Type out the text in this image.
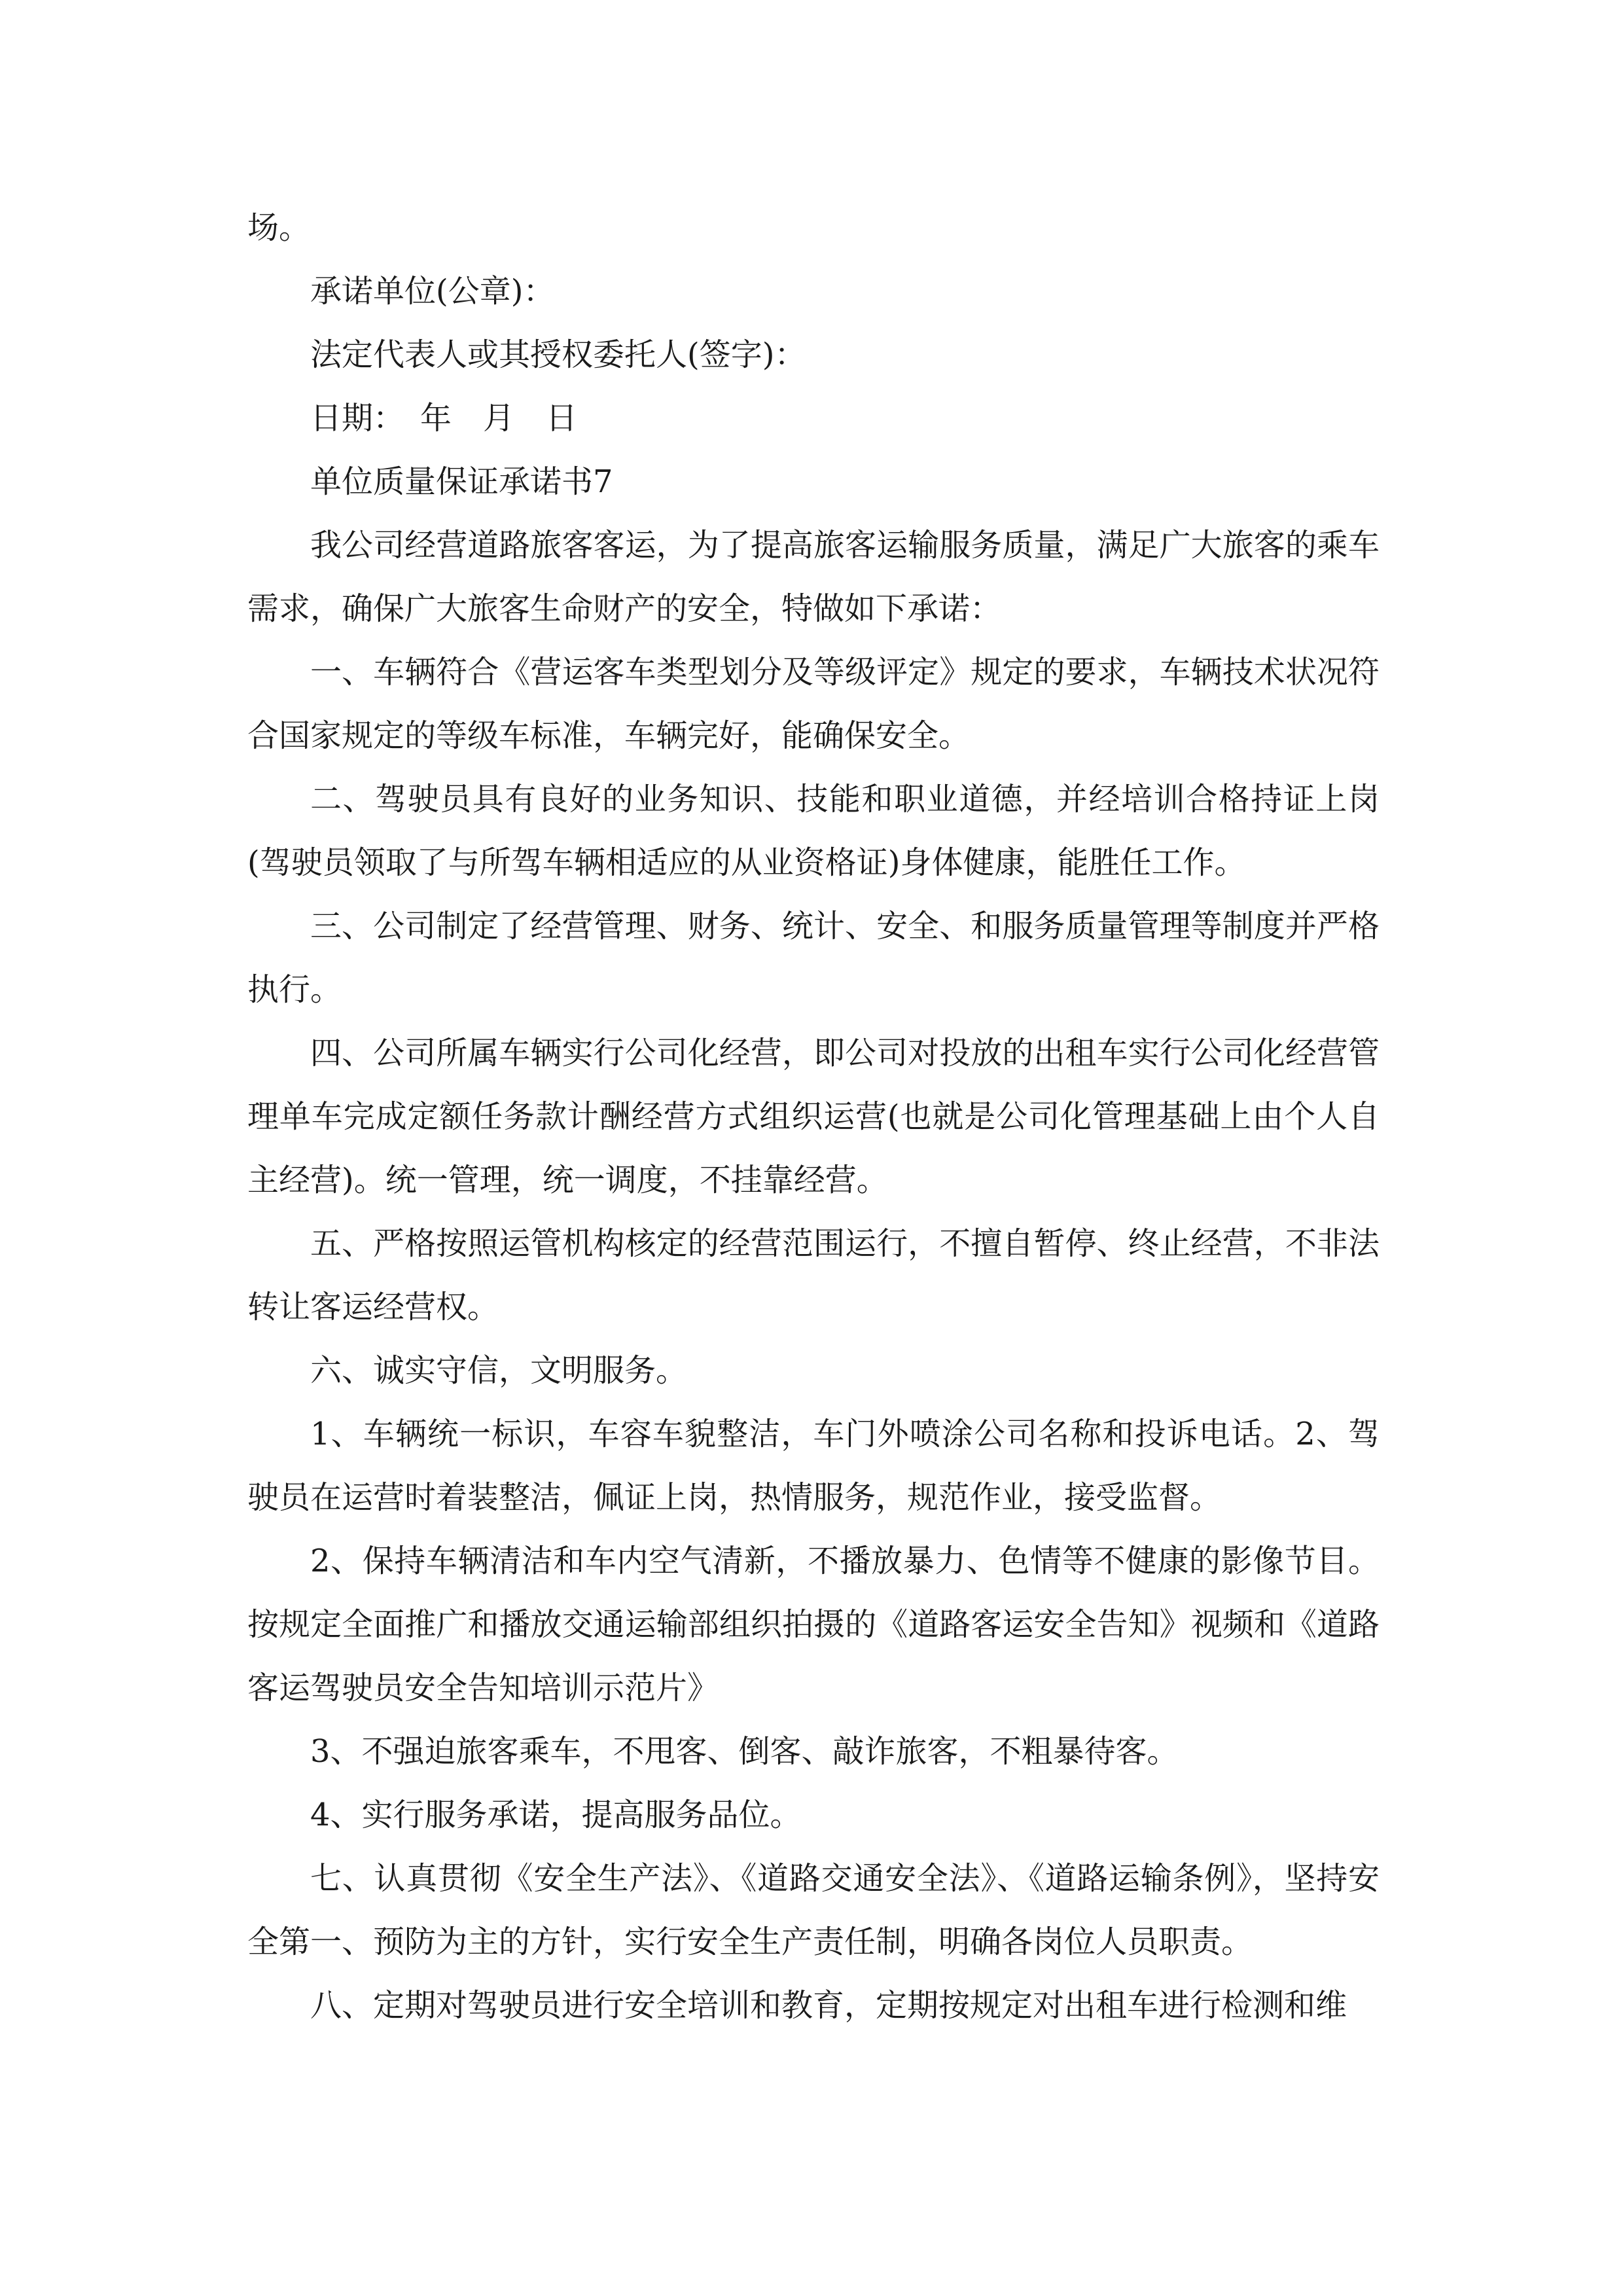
场。

承诺单位(公章)：

法定代表人或其授权委托人(签字)：

日期：　年　月　日

单位质量保证承诺书7

我公司经营道路旅客客运，为了提高旅客运输服务质量，满足广大旅客的乘车需求，确保广大旅客生命财产的安全，特做如下承诺：

一、车辆符合《营运客车类型划分及等级评定》规定的要求，车辆技术状况符合国家规定的等级车标准，车辆完好，能确保安全。

二、驾驶员具有良好的业务知识、技能和职业道德，并经培训合格持证上岗(驾驶员领取了与所驾车辆相适应的从业资格证)身体健康，能胜任工作。

三、公司制定了经营管理、财务、统计、安全、和服务质量管理等制度并严格执行。

四、公司所属车辆实行公司化经营，即公司对投放的出租车实行公司化经营管理单车完成定额任务款计酬经营方式组织运营(也就是公司化管理基础上由个人自主经营)。统一管理，统一调度，不挂靠经营。

五、严格按照运管机构核定的经营范围运行，不擅自暂停、终止经营，不非法转让客运经营权。

六、诚实守信，文明服务。

1、车辆统一标识，车容车貌整洁，车门外喷涂公司名称和投诉电话。2、驾驶员在运营时着装整洁，佩证上岗，热情服务，规范作业，接受监督。

2、保持车辆清洁和车内空气清新，不播放暴力、色情等不健康的影像节目。按规定全面推广和播放交通运输部组织拍摄的《道路客运安全告知》视频和《道路客运驾驶员安全告知培训示范片》

3、不强迫旅客乘车，不甩客、倒客、敲诈旅客，不粗暴待客。

4、实行服务承诺，提高服务品位。

七、认真贯彻《安全生产法》、《道路交通安全法》、《道路运输条例》，坚持安全第一、预防为主的方针，实行安全生产责任制，明确各岗位人员职责。

八、定期对驾驶员进行安全培训和教育，定期按规定对出租车进行检测和维
